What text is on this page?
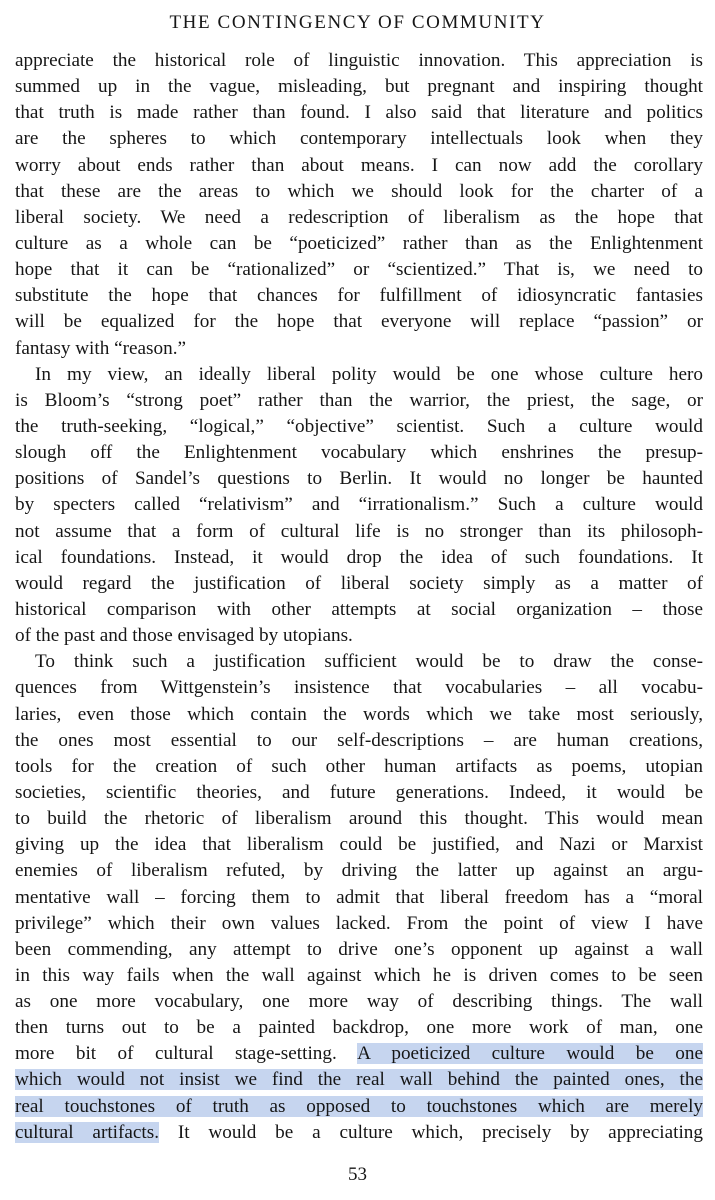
THE CONTINGENCY OF COMMUNITY
appreciate the historical role of linguistic innovation. This appreciation is
summed up in the vague, misleading, but pregnant and inspiring thought
that truth is made rather than found. I also said that literature and politics
are the spheres to which contemporary intellectuals look when they
worry about ends rather than about means. I can now add the corollary
that these are the areas to which we should look for the charter of a
liberal society. We need a redescription of liberalism as the hope that
culture as a whole can be “poeticized” rather than as the Enlightenment
hope that it can be “rationalized” or “scientized.” That is, we need to
substitute the hope that chances for fulfillment of idiosyncratic fantasies
will be equalized for the hope that everyone will replace “passion” or
fantasy with “reason.”
In my view, an ideally liberal polity would be one whose culture hero
is Bloom’s “strong poet” rather than the warrior, the priest, the sage, or
the truth-seeking, “logical,” “objective” scientist. Such a culture would
slough off the Enlightenment vocabulary which enshrines the presup-
positions of Sandel’s questions to Berlin. It would no longer be haunted
by specters called “relativism” and “irrationalism.” Such a culture would
not assume that a form of cultural life is no stronger than its philosoph-
ical foundations. Instead, it would drop the idea of such foundations. It
would regard the justification of liberal society simply as a matter of
historical comparison with other attempts at social organization – those
of the past and those envisaged by utopians.
To think such a justification sufficient would be to draw the conse-
quences from Wittgenstein’s insistence that vocabularies – all vocabu-
laries, even those which contain the words which we take most seriously,
the ones most essential to our self-descriptions – are human creations,
tools for the creation of such other human artifacts as poems, utopian
societies, scientific theories, and future generations. Indeed, it would be
to build the rhetoric of liberalism around this thought. This would mean
giving up the idea that liberalism could be justified, and Nazi or Marxist
enemies of liberalism refuted, by driving the latter up against an argu-
mentative wall – forcing them to admit that liberal freedom has a “moral
privilege” which their own values lacked. From the point of view I have
been commending, any attempt to drive one’s opponent up against a wall
in this way fails when the wall against which he is driven comes to be seen
as one more vocabulary, one more way of describing things. The wall
then turns out to be a painted backdrop, one more work of man, one
more bit of cultural stage-setting. A poeticized culture would be one
which would not insist we find the real wall behind the painted ones, the
real touchstones of truth as opposed to touchstones which are merely
cultural artifacts. It would be a culture which, precisely by appreciating
53
